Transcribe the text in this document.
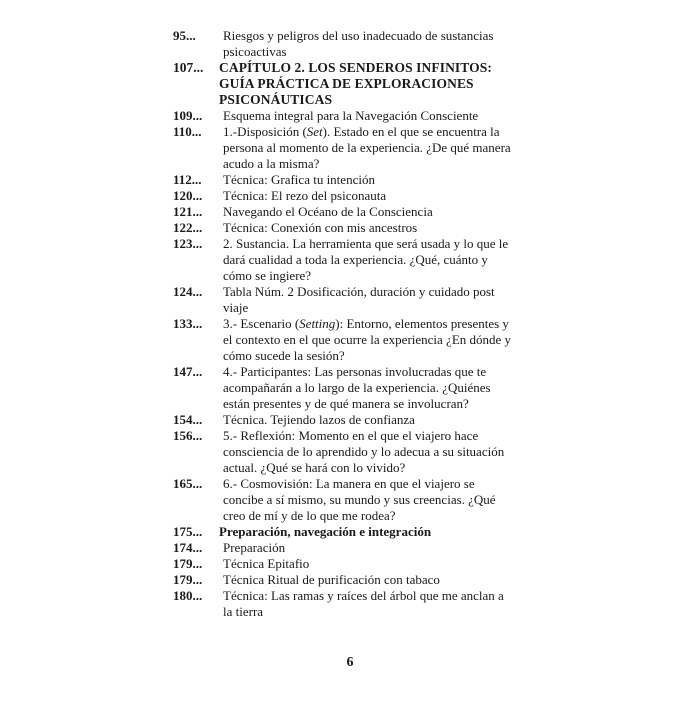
95...	Riesgos y peligros del uso inadecuado de sustancias psicoactivas
107...	CAPÍTULO 2. LOS SENDEROS INFINITOS: GUÍA PRÁCTICA DE EXPLORACIONES PSICONÁUTICAS
109...	Esquema integral para la Navegación Consciente
110...	1.-Disposición (Set). Estado en el que se encuentra la persona al momento de la experiencia. ¿De qué manera acudo a la misma?
112...	Técnica: Grafica tu intención
120...	Técnica: El rezo del psiconauta
121...	Navegando el Océano de la Consciencia
122...	Técnica: Conexión con mis ancestros
123...	2. Sustancia. La herramienta que será usada y lo que le dará cualidad a toda la experiencia. ¿Qué, cuánto y cómo se ingiere?
124...	Tabla Núm. 2 Dosificación, duración y cuidado post viaje
133...	3.- Escenario (Setting): Entorno, elementos presentes y el contexto en el que ocurre la experiencia ¿En dónde y cómo sucede la sesión?
147...	4.- Participantes: Las personas involucradas que te acompañarán a lo largo de la experiencia. ¿Quiénes están presentes y de qué manera se involucran?
154...	Técnica. Tejiendo lazos de confianza
156...	5.- Reflexión: Momento en el que el viajero hace consciencia de lo aprendido y lo adecua a su situación actual. ¿Qué se hará con lo vivido?
165...	6.- Cosmovisión: La manera en que el viajero se concibe a sí mismo, su mundo y sus creencias. ¿Qué creo de mí y de lo que me rodea?
175...	Preparación, navegación e integración
174...	Preparación
179...	Técnica Epitafio
179...	Técnica Ritual de purificación con tabaco
180...	Técnica: Las ramas y raíces del árbol que me anclan a la tierra
6
